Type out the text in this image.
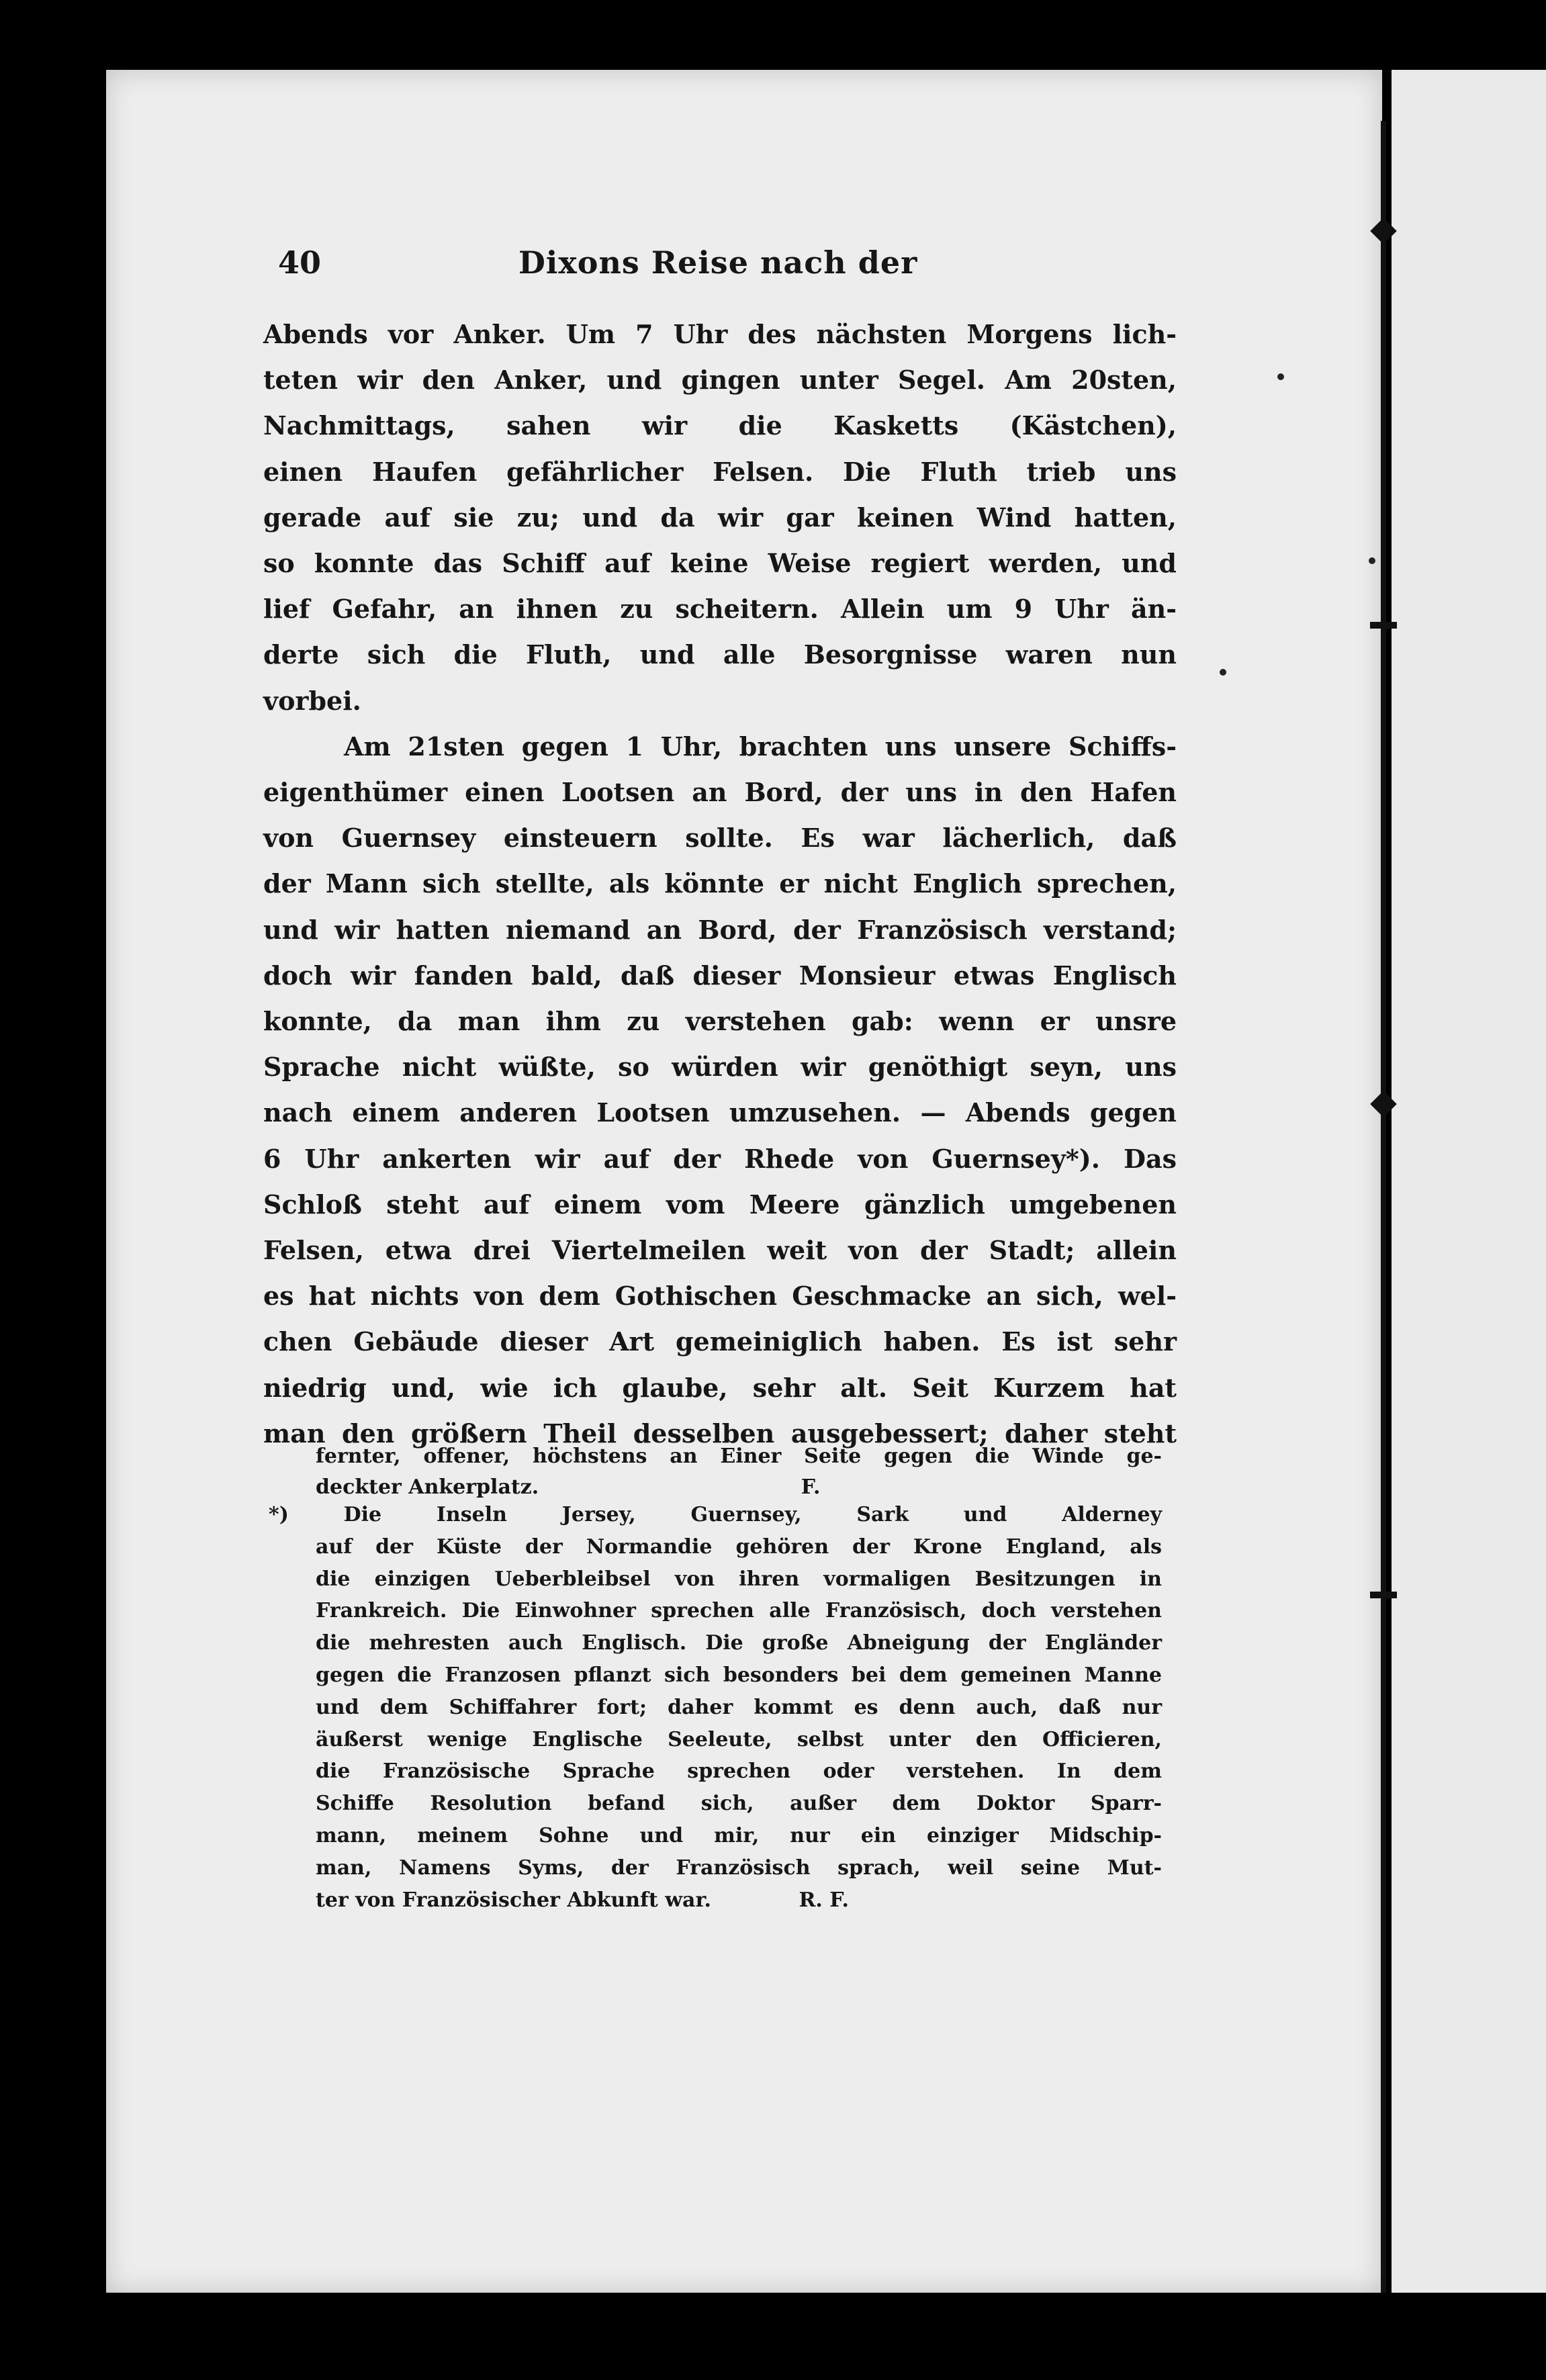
40	Dixons Reise nach der
Abends vor Anker. Um 7 Uhr des nächsten Morgens lich-
teten wir den Anker, und gingen unter Segel. Am 20sten,
Nachmittags, sahen wir die Kasketts (Kästchen),
einen Haufen gefährlicher Felsen. Die Fluth trieb uns
gerade auf sie zu; und da wir gar keinen Wind hatten,
so konnte das Schiff auf keine Weise regiert werden, und
lief Gefahr, an ihnen zu scheitern. Allein um 9 Uhr än-
derte sich die Fluth, und alle Besorgnisse waren nun
vorbei.
Am 21sten gegen 1 Uhr, brachten uns unsere Schiffs-
eigenthümer einen Lootsen an Bord, der uns in den Hafen
von Guernsey einsteuern sollte. Es war lächerlich, daß
der Mann sich stellte, als könnte er nicht Englich sprechen,
und wir hatten niemand an Bord, der Französisch verstand;
doch wir fanden bald, daß dieser Monsieur etwas Englisch
konnte, da man ihm zu verstehen gab: wenn er unsre
Sprache nicht wüßte, so würden wir genöthigt seyn, uns
nach einem anderen Lootsen umzusehen. — Abends gegen
6 Uhr ankerten wir auf der Rhede von Guernsey*). Das
Schloß steht auf einem vom Meere gänzlich umgebenen
Felsen, etwa drei Viertelmeilen weit von der Stadt; allein
es hat nichts von dem Gothischen Geschmacke an sich, wel-
chen Gebäude dieser Art gemeiniglich haben. Es ist sehr
niedrig und, wie ich glaube, sehr alt. Seit Kurzem hat
man den größern Theil desselben ausgebessert; daher steht
fernter, offener, höchstens an Einer Seite gegen die Winde ge-
deckter Ankerplatz.	F.
*)	Die Inseln Jersey, Guernsey, Sark und Alderney
auf der Küste der Normandie gehören der Krone England, als
die einzigen Ueberbleibsel von ihren vormaligen Besitzungen in
Frankreich. Die Einwohner sprechen alle Französisch, doch verstehen
die mehresten auch Englisch. Die große Abneigung der Engländer
gegen die Franzosen pflanzt sich besonders bei dem gemeinen Manne
und dem Schiffahrer fort; daher kommt es denn auch, daß nur
äußerst wenige Englische Seeleute, selbst unter den Officieren,
die Französische Sprache sprechen oder verstehen. In dem
Schiffe Resolution befand sich, außer dem Doktor Sparr-
mann, meinem Sohne und mir, nur ein einziger Midschip-
man, Namens Syms, der Französisch sprach, weil seine Mut-
ter von Französischer Abkunft war.	R. F.
